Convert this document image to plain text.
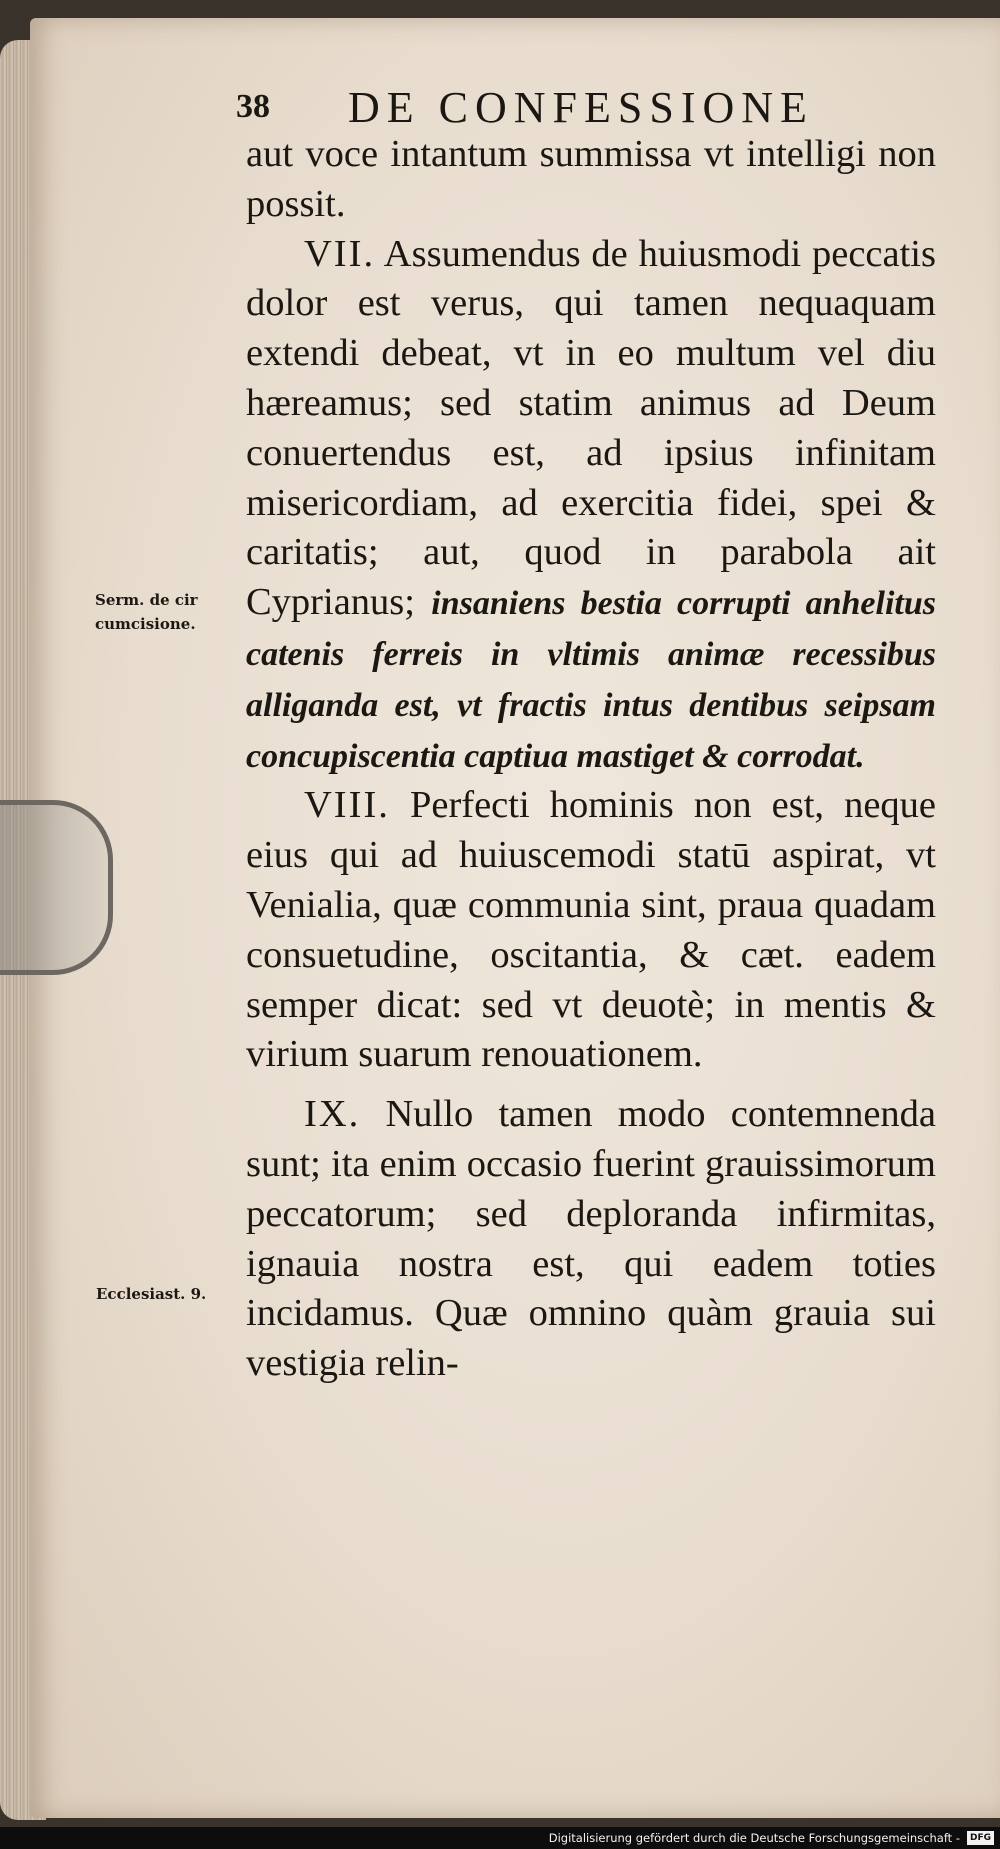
38 DE CONFESSIONE
Serm. de cir
cumcisione.
Ecclesiast. 9.

aut voce intantum summissa vt intelligi non possit.

VII. Assumendus de huiusmodi peccatis dolor est verus, qui tamen nequaquam extendi debeat, vt in eo multum vel diu hæreamus; sed statim animus ad Deum conuertendus est, ad ipsius infinitam misericordiam, ad exercitia fidei, spei & caritatis; aut, quod in parabola ait Cyprianus; insaniens bestia corrupti anhelitus catenis ferreis in vltimis animæ recessibus alliganda est, vt fractis intus dentibus seipsam concupiscentia captiua mastiget & corrodat.

VIII. Perfecti hominis non est, neque eius qui ad huiuscemodi statū aspirat, vt Venialia, quæ communia sint, praua quadam consuetudine, oscitantia, & cæt. eadem semper dicat: sed vt deuotè; in mentis & virium suarum renouationem.

IX. Nullo tamen modo contemnenda sunt; ita enim occasio fuerint grauissimorum peccatorum; sed deploranda infirmitas, ignauia nostra est, qui eadem toties incidamus. Quæ omnino quàm grauia sui vestigia relin-

Digitalisierung gefördert durch die Deutsche Forschungsgemeinschaft -	DFG
